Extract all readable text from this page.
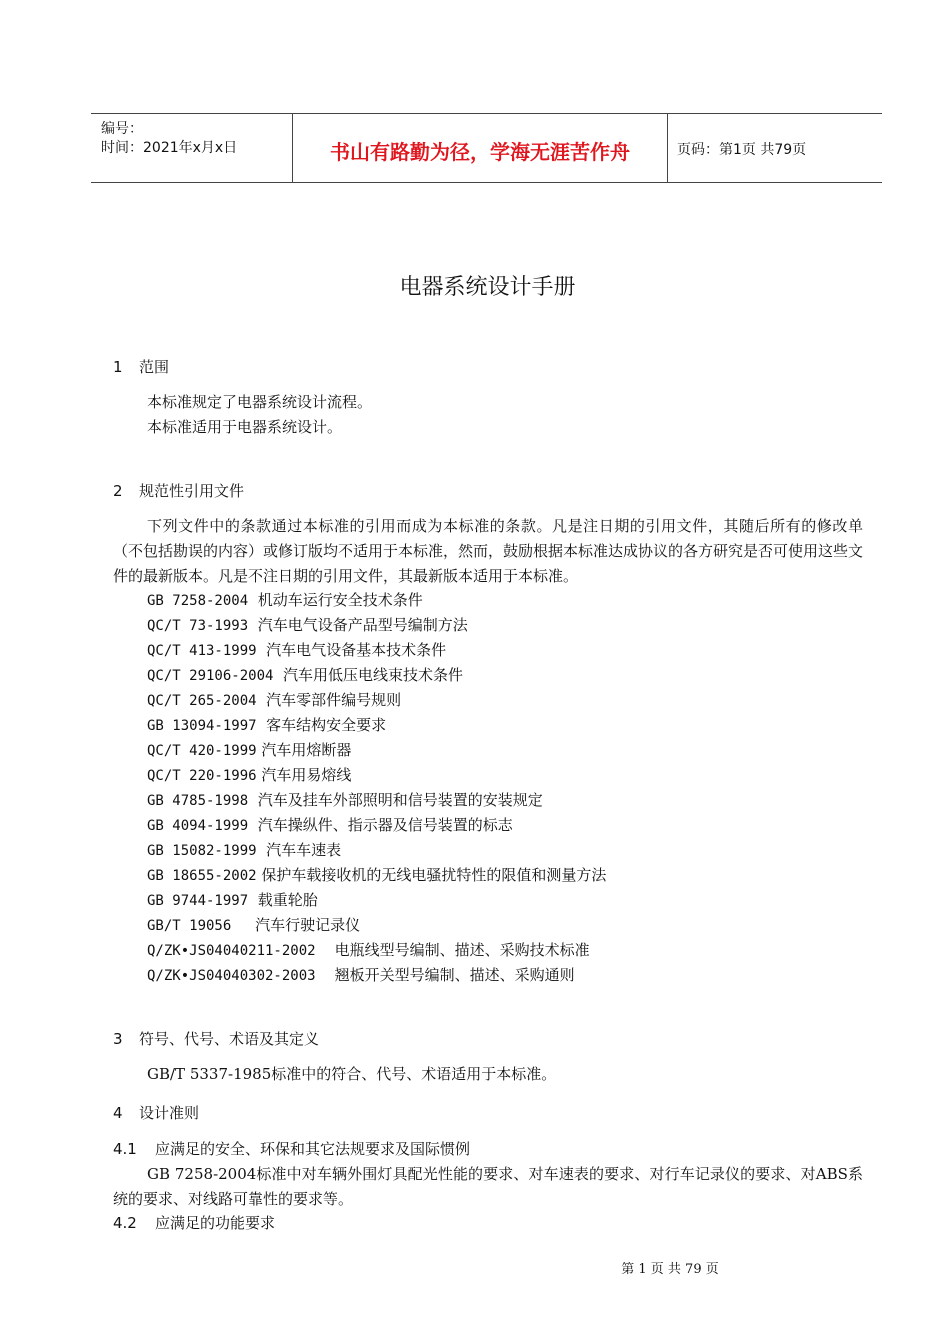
编号：
时间：2021年x月x日	书山有路勤为径，学海无涯苦作舟	页码：第1页 共79页
电器系统设计手册
1 范围
本标准规定了电器系统设计流程。
本标准适用于电器系统设计。
2 规范性引用文件
下列文件中的条款通过本标准的引用而成为本标准的条款。凡是注日期的引用文件，其随后所有的修改单（不包括勘误的内容）或修订版均不适用于本标准，然而，鼓励根据本标准达成协议的各方研究是否可使用这些文件的最新版本。凡是不注日期的引用文件，其最新版本适用于本标准。
GB 7258-2004 机动车运行安全技术条件
QC/T 73-1993 汽车电气设备产品型号编制方法
QC/T 413-1999 汽车电气设备基本技术条件
QC/T 29106-2004 汽车用低压电线束技术条件
QC/T 265-2004 汽车零部件编号规则
GB 13094-1997 客车结构安全要求
QC/T 420-1999 汽车用熔断器
QC/T 220-1996 汽车用易熔线
GB 4785-1998 汽车及挂车外部照明和信号装置的安装规定
GB 4094-1999 汽车操纵件、指示器及信号装置的标志
GB 15082-1999 汽车车速表
GB 18655-2002 保护车载接收机的无线电骚扰特性的限值和测量方法
GB 9744-1997 载重轮胎
GB/T 19056 汽车行驶记录仪
Q/ZK•JS04040211-2002 电瓶线型号编制、描述、采购技术标准
Q/ZK•JS04040302-2003 翘板开关型号编制、描述、采购通则
3 符号、代号、术语及其定义
GB/T 5337-1985标准中的符合、代号、术语适用于本标准。
4 设计准则
4.1 应满足的安全、环保和其它法规要求及国际惯例
GB 7258-2004标准中对车辆外围灯具配光性能的要求、对车速表的要求、对行车记录仪的要求、对ABS系统的要求、对线路可靠性的要求等。
4.2 应满足的功能要求
第 1 页 共 79 页
